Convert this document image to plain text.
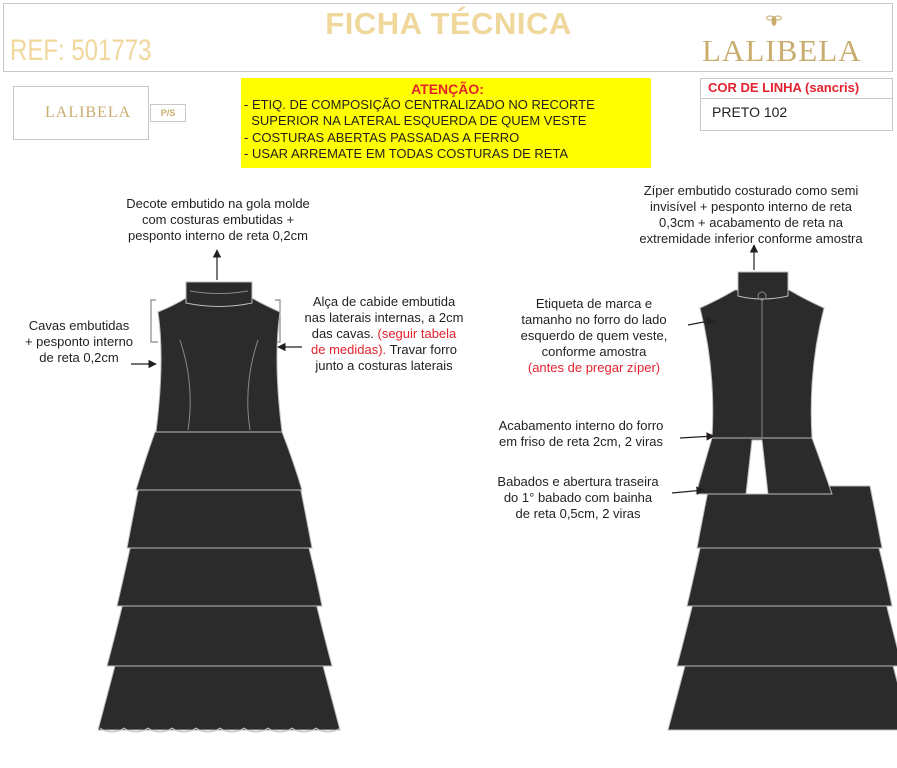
FICHA TÉCNICA
REF: 501773	LALIBELA
LALIBELA	P/S
ATENÇÃO:
- ETIQ. DE COMPOSIÇÃO CENTRALIZADO NO RECORTE
SUPERIOR NA LATERAL ESQUERDA DE QUEM VESTE
- COSTURAS ABERTAS PASSADAS A FERRO
- USAR ARREMATE EM TODAS COSTURAS DE RETA
COR DE LINHA (sancris)
PRETO 102
Decote embutido na gola molde
com costuras embutidas +
pesponto interno de reta 0,2cm
Cavas embutidas
+ pesponto interno
de reta 0,2cm
Alça de cabide embutida
nas laterais internas, a 2cm
das cavas. (seguir tabela
de medidas). Travar forro
junto a costuras laterais
Zíper embutido costurado como semi
invisível + pesponto interno de reta
0,3cm + acabamento de reta na
extremidade inferior conforme amostra
Etiqueta de marca e
tamanho no forro do lado
esquerdo de quem veste,
conforme amostra
(antes de pregar zíper)
Acabamento interno do forro
em friso de reta 2cm, 2 viras
Babados e abertura traseira
do 1° babado com bainha
de reta 0,5cm, 2 viras
